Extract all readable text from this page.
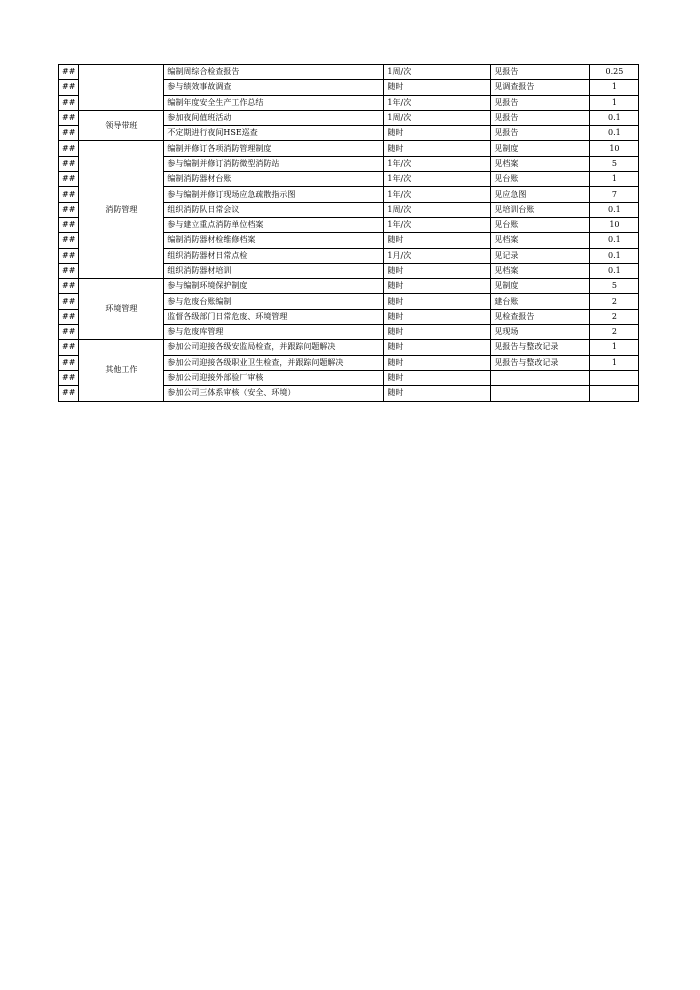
##		编制周综合检查报告	1周/次	见报告	0.25
##		参与绩效事故调查	随时	见调查报告	1
##		编制年度安全生产工作总结	1年/次	见报告	1
##	领导带班	参加夜间值班活动	1周/次	见报告	0.1
##		不定期进行夜间HSE巡查	随时	见报告	0.1
##	消防管理	编制并修订各项消防管理制度	随时	见制度	10
##		参与编制并修订消防微型消防站	1年/次	见档案	5
##		编制消防器材台账	1年/次	见台账	1
##		参与编制并修订现场应急疏散指示图	1年/次	见应急图	7
##		组织消防队日常会议	1周/次	见培训台账	0.1
##		参与建立重点消防单位档案	1年/次	见台账	10
##		编制消防器材检维修档案	随时	见档案	0.1
##		组织消防器材日常点检	1月/次	见记录	0.1
##		组织消防器材培训	随时	见档案	0.1
##	环境管理	参与编制环境保护制度	随时	见制度	5
##		参与危废台账编制	随时	建台账	2
##		监督各级部门日常危废、环境管理	随时	见检查报告	2
##		参与危废库管理	随时	见现场	2
##	其他工作	参加公司迎接各级安监局检查，并跟踪问题解决	随时	见报告与整改记录	1
##		参加公司迎接各级职业卫生检查，并跟踪问题解决	随时	见报告与整改记录	1
##		参加公司迎接外部验厂审核	随时		
##		参加公司三体系审核（安全、环境）	随时		
